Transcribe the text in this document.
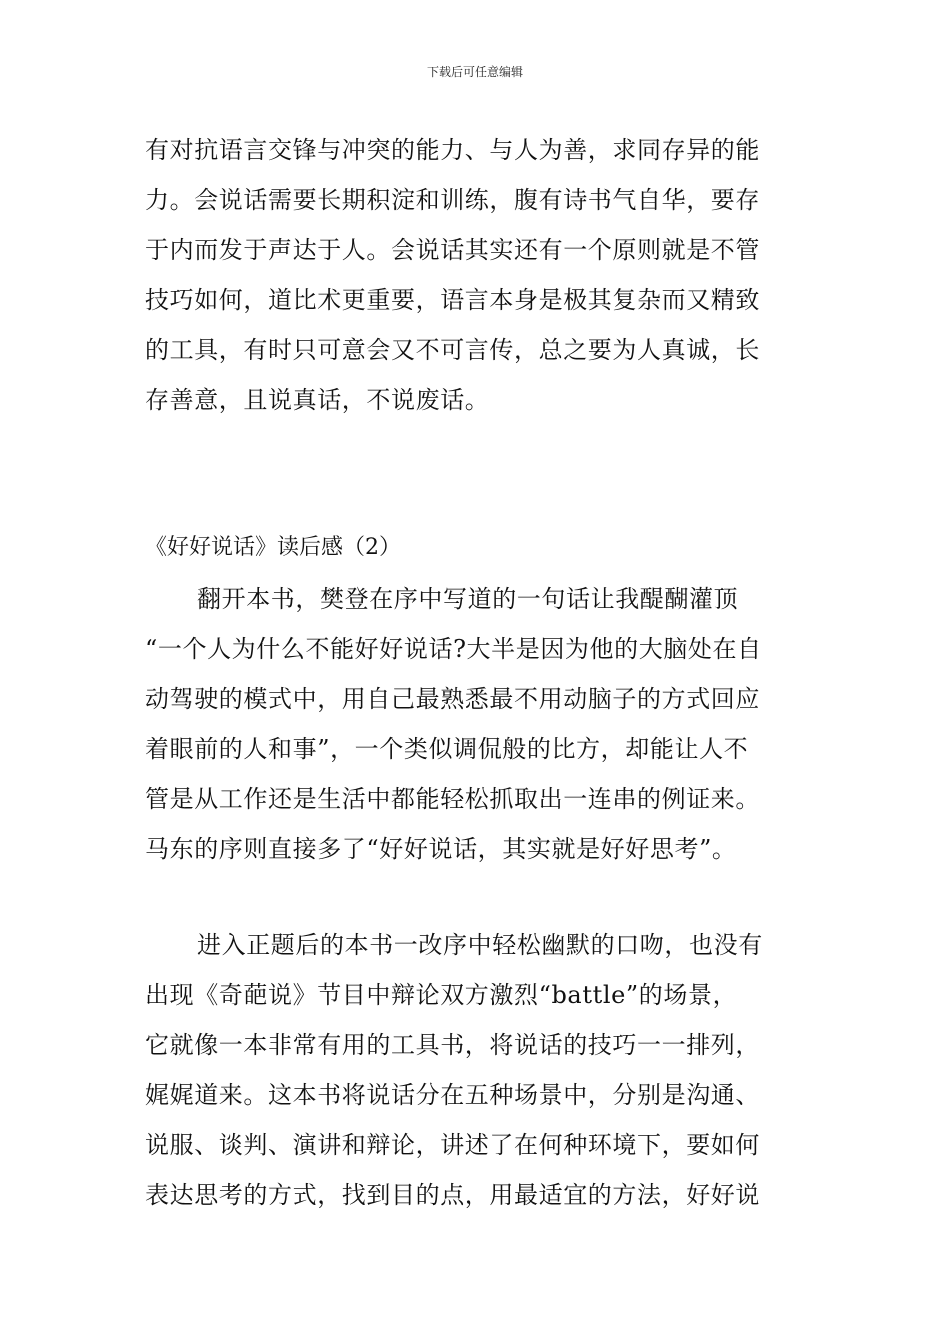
下载后可任意编辑
有对抗语言交锋与冲突的能力、与人为善，求同存异的能
力。会说话需要长期积淀和训练，腹有诗书气自华，要存
于内而发于声达于人。会说话其实还有一个原则就是不管
技巧如何，道比术更重要，语言本身是极其复杂而又精致
的工具，有时只可意会又不可言传，总之要为人真诚，长
存善意，且说真话，不说废话。
《好好说话》读后感（2）
翻开本书，樊登在序中写道的一句话让我醍醐灌顶
“一个人为什么不能好好说话?大半是因为他的大脑处在自
动驾驶的模式中，用自己最熟悉最不用动脑子的方式回应
着眼前的人和事”，一个类似调侃般的比方，却能让人不
管是从工作还是生活中都能轻松抓取出一连串的例证来。
马东的序则直接多了“好好说话，其实就是好好思考”。
进入正题后的本书一改序中轻松幽默的口吻，也没有
出现《奇葩说》节目中辩论双方激烈“battle”的场景，
它就像一本非常有用的工具书，将说话的技巧一一排列，
娓娓道来。这本书将说话分在五种场景中，分别是沟通、
说服、谈判、演讲和辩论，讲述了在何种环境下，要如何
表达思考的方式，找到目的点，用最适宜的方法，好好说
